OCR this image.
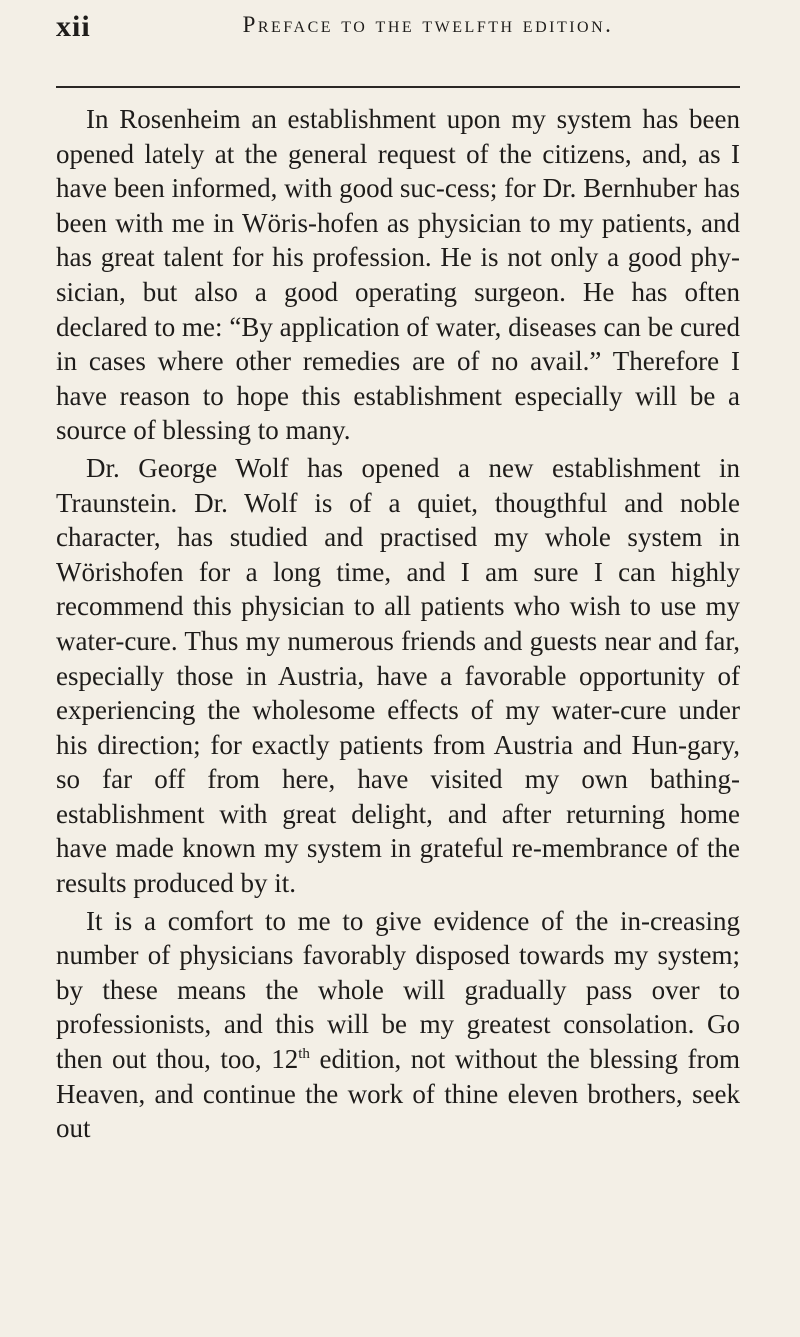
xii	Preface to the twelfth edition.

In Rosenheim an establishment upon my system has been opened lately at the general request of the citizens, and, as I have been informed, with good suc-cess; for Dr. Bernhuber has been with me in Wöris-hofen as physician to my patients, and has great talent for his profession. He is not only a good phy-sician, but also a good operating surgeon. He has often declared to me: “By application of water, diseases can be cured in cases where other remedies are of no avail.” Therefore I have reason to hope this establishment especially will be a source of blessing to many.

Dr. George Wolf has opened a new establishment in Traunstein. Dr. Wolf is of a quiet, thougthful and noble character, has studied and practised my whole system in Wörishofen for a long time, and I am sure I can highly recommend this physician to all patients who wish to use my water-cure. Thus my numerous friends and guests near and far, especially those in Austria, have a favorable opportunity of experiencing the wholesome effects of my water-cure under his direction; for exactly patients from Austria and Hun-gary, so far off from here, have visited my own bathing-establishment with great delight, and after returning home have made known my system in grateful re-membrance of the results produced by it.

It is a comfort to me to give evidence of the in-creasing number of physicians favorably disposed towards my system; by these means the whole will gradually pass over to professionists, and this will be my greatest consolation. Go then out thou, too, 12th edition, not without the blessing from Heaven, and continue the work of thine eleven brothers, seek out
